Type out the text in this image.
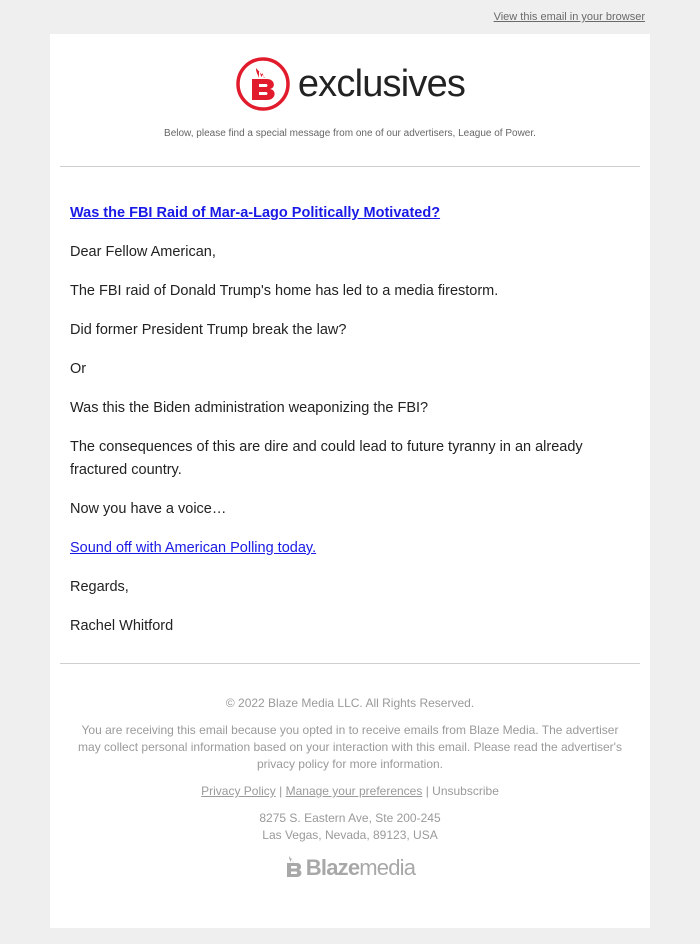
View this email in your browser
exclusives
Below, please find a special message from one of our advertisers, League of Power.

Was the FBI Raid of Mar-a-Lago Politically Motivated?

Dear Fellow American,

The FBI raid of Donald Trump's home has led to a media firestorm.

Did former President Trump break the law?

Or

Was this the Biden administration weaponizing the FBI?

The consequences of this are dire and could lead to future tyranny in an already fractured country.

Now you have a voice…

Sound off with American Polling today.

Regards,

Rachel Whitford

© 2022 Blaze Media LLC. All Rights Reserved.

You are receiving this email because you opted in to receive emails from Blaze Media. The advertiser may collect personal information based on your interaction with this email. Please read the advertiser's privacy policy for more information.

Privacy Policy | Manage your preferences | Unsubscribe

8275 S. Eastern Ave, Ste 200-245
Las Vegas, Nevada, 89123, USA
Blaze media
